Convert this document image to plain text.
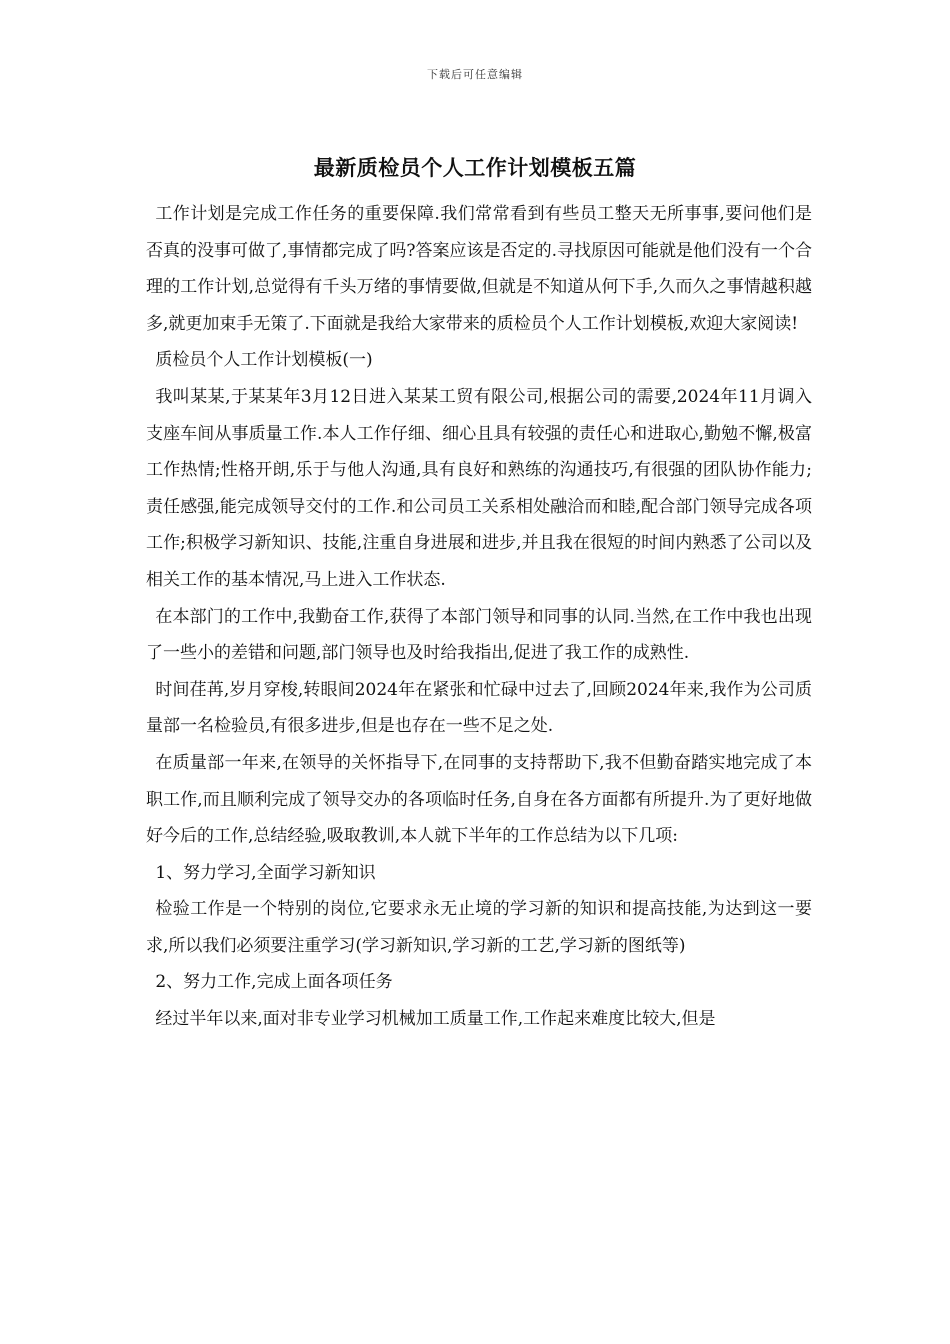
下载后可任意编辑
最新质检员个人工作计划模板五篇

工作计划是完成工作任务的重要保障.我们常常看到有些员工整天无所事事,要问他们是否真的没事可做了,事情都完成了吗?答案应该是否定的.寻找原因可能就是他们没有一个合理的工作计划,总觉得有千头万绪的事情要做,但就是不知道从何下手,久而久之事情越积越多,就更加束手无策了.下面就是我给大家带来的质检员个人工作计划模板,欢迎大家阅读!

质检员个人工作计划模板(一)

我叫某某,于某某年3月12日进入某某工贸有限公司,根据公司的需要,2024年11月调入支座车间从事质量工作.本人工作仔细、细心且具有较强的责任心和进取心,勤勉不懈,极富工作热情;性格开朗,乐于与他人沟通,具有良好和熟练的沟通技巧,有很强的团队协作能力;责任感强,能完成领导交付的工作.和公司员工关系相处融洽而和睦,配合部门领导完成各项工作;积极学习新知识、技能,注重自身进展和进步,并且我在很短的时间内熟悉了公司以及相关工作的基本情况,马上进入工作状态.

在本部门的工作中,我勤奋工作,获得了本部门领导和同事的认同.当然,在工作中我也出现了一些小的差错和问题,部门领导也及时给我指出,促进了我工作的成熟性.

时间荏苒,岁月穿梭,转眼间2024年在紧张和忙碌中过去了,回顾2024年来,我作为公司质量部一名检验员,有很多进步,但是也存在一些不足之处.

在质量部一年来,在领导的关怀指导下,在同事的支持帮助下,我不但勤奋踏实地完成了本职工作,而且顺利完成了领导交办的各项临时任务,自身在各方面都有所提升.为了更好地做好今后的工作,总结经验,吸取教训,本人就下半年的工作总结为以下几项:

1、努力学习,全面学习新知识

检验工作是一个特别的岗位,它要求永无止境的学习新的知识和提高技能,为达到这一要求,所以我们必须要注重学习(学习新知识,学习新的工艺,学习新的图纸等)

2、努力工作,完成上面各项任务

经过半年以来,面对非专业学习机械加工质量工作,工作起来难度比较大,但是
